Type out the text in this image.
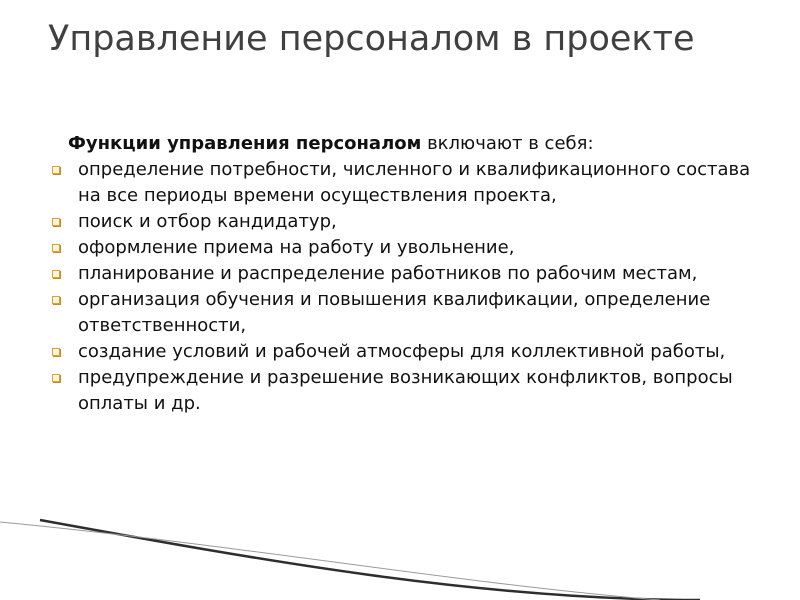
Управление персоналом в проекте

Функции управления персоналом включают в себя:

определение потребности, численного и квалификационного состава на все периоды времени осуществления проекта,
поиск и отбор кандидатур,
оформление приема на работу и увольнение,
планирование и распределение работников по рабочим местам,
организация обучения и повышения квалификации, определение ответственности,
создание условий и рабочей атмосферы для коллективной работы,
предупреждение и разрешение возникающих конфликтов, вопросы оплаты и др.
